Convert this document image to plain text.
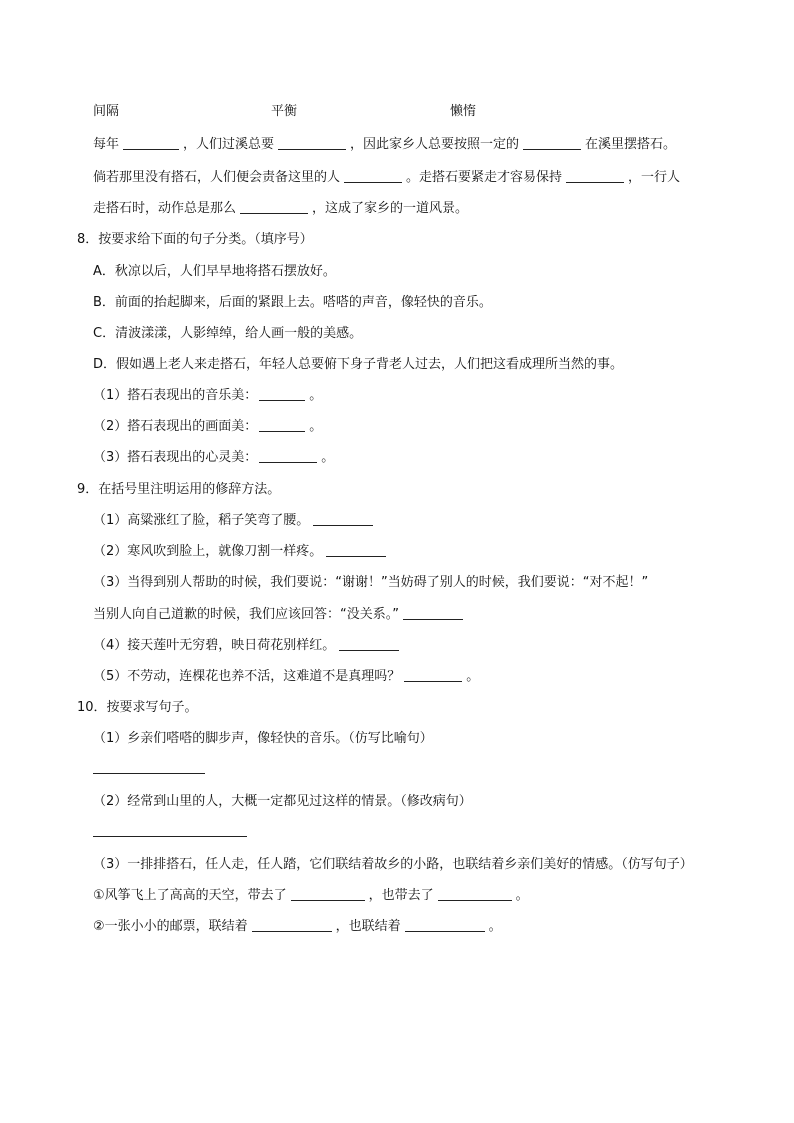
间隔	平衡	懒惰
每年	，人们过溪总要	，因此家乡人总要按照一定的	在溪里摆搭石。
倘若那里没有搭石，人们便会责备这里的人	。走搭石要紧走才容易保持	，一行人
走搭石时，动作总是那么	，这成了家乡的一道风景。
8．按要求给下面的句子分类。（填序号）
A．秋凉以后，人们早早地将搭石摆放好。
B．前面的抬起脚来，后面的紧跟上去。嗒嗒的声音，像轻快的音乐。
C．清波漾漾，人影绰绰，给人画一般的美感。
D．假如遇上老人来走搭石，年轻人总要俯下身子背老人过去，人们把这看成理所当然的事。
（1）搭石表现出的音乐美：	。
（2）搭石表现出的画面美：	。
（3）搭石表现出的心灵美：	。
9．在括号里注明运用的修辞方法。
（1）高粱涨红了脸，稻子笑弯了腰。
（2）寒风吹到脸上，就像刀割一样疼。
（3）当得到别人帮助的时候，我们要说：“谢谢！”当妨碍了别人的时候，我们要说：“对不起！”
当别人向自己道歉的时候，我们应该回答：“没关系。”
（4）接天莲叶无穷碧，映日荷花别样红。
（5）不劳动，连棵花也养不活，这难道不是真理吗？	。
10．按要求写句子。
（1）乡亲们嗒嗒的脚步声，像轻快的音乐。（仿写比喻句）
（2）经常到山里的人，大概一定都见过这样的情景。（修改病句）
（3）一排排搭石，任人走，任人踏，它们联结着故乡的小路，也联结着乡亲们美好的情感。（仿写句子）
①风筝飞上了高高的天空，带去了	，也带去了	。
②一张小小的邮票，联结着	，也联结着	。
